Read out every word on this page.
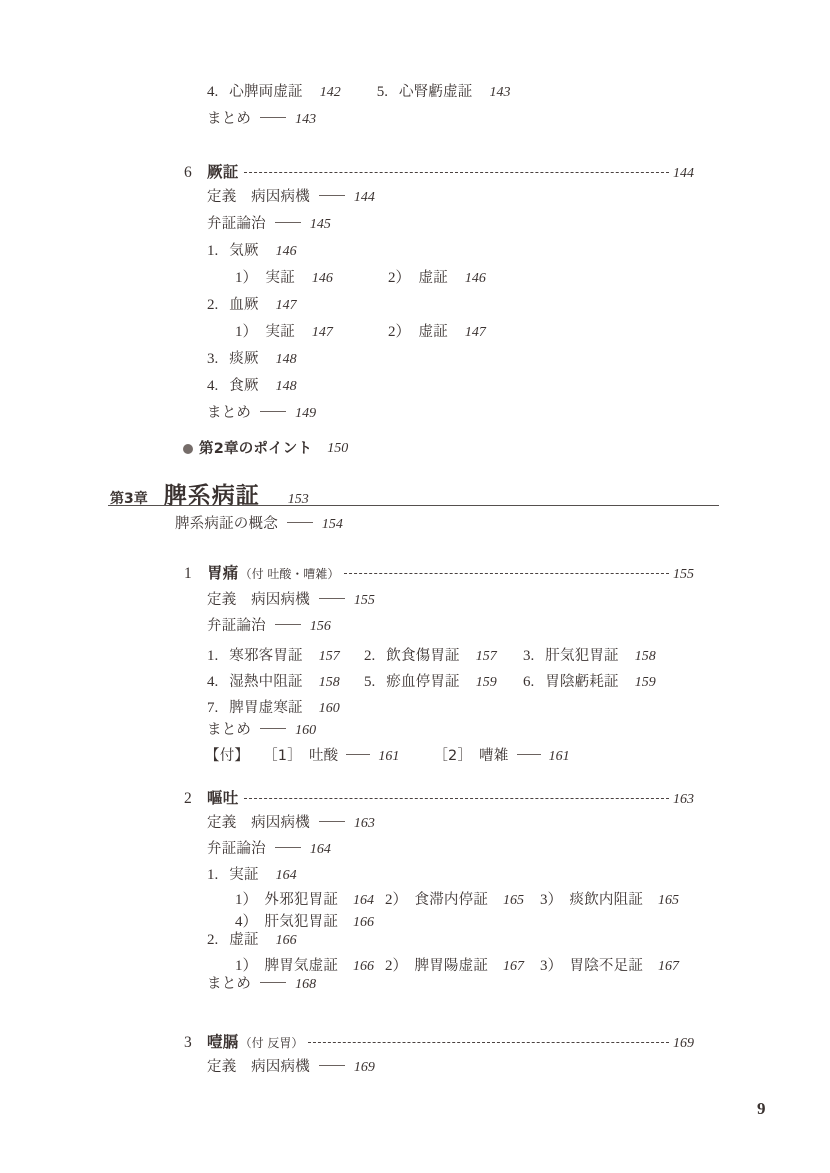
4. 心脾両虚証 142 5. 心腎虧虚証 143
まとめ	143
6 厥証	144
定義　病因病機	144
弁証論治	145
1. 気厥 146
1） 実証 146	2） 虚証 146
2. 血厥 147
1） 実証 147	2） 虚証 147
3. 痰厥 148
4. 食厥 148
まとめ	149
第2章のポイント 150
第3章 脾系病証 153
脾系病証の概念	154
1 胃痛 （付 吐酸・嘈雑）	155
定義　病因病機	155
弁証論治	156
1. 寒邪客胃証 157 2. 飲食傷胃証 157 3. 肝気犯胃証 158
4. 湿熱中阻証 158 5. 瘀血停胃証 159 6. 胃陰虧耗証 159
7. 脾胃虚寒証 160
まとめ	160
【付】 ［1］ 吐酸	161 ［2］ 嘈雑	161
2 嘔吐	163
定義　病因病機	163
弁証論治	164
1. 実証 164
1） 外邪犯胃証 164 2） 食滞内停証 165 3） 痰飲内阻証 165
4） 肝気犯胃証 166
2. 虚証 166
1） 脾胃気虚証 166 2） 脾胃陽虚証 167 3） 胃陰不足証 167
まとめ	168
3 噎膈 （付 反胃）	169
定義　病因病機	169
9
